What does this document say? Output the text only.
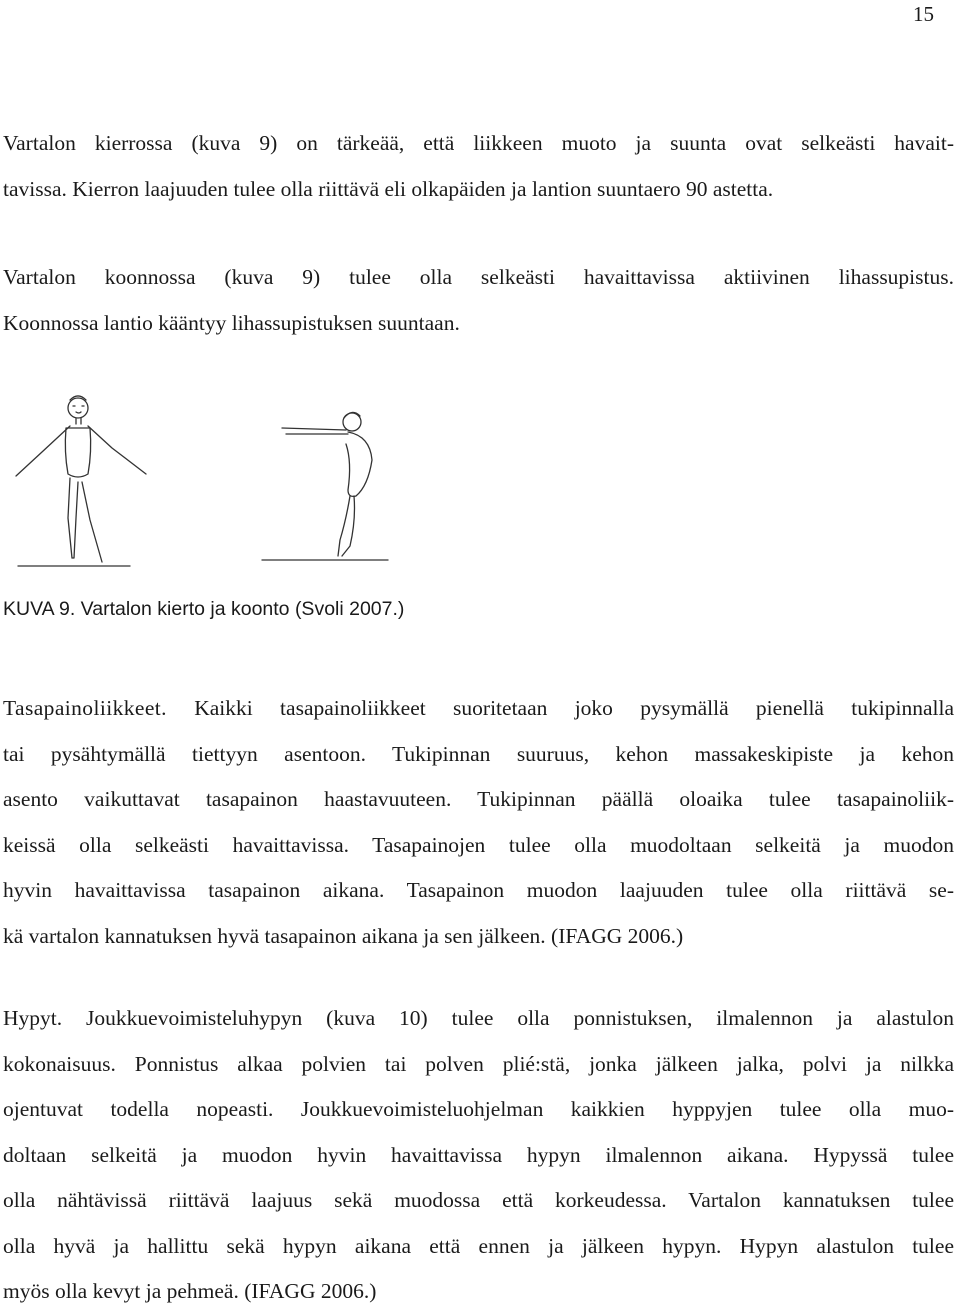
15

Vartalon kierrossa (kuva 9) on tärkeää, että liikkeen muoto ja suunta ovat selkeästi havait-
tavissa. Kierron laajuuden tulee olla riittävä eli olkapäiden ja lantion suuntaero 90 astetta.

Vartalon koonnossa (kuva 9) tulee olla selkeästi havaittavissa aktiivinen lihassupistus.
Koonnossa lantio kääntyy lihassupistuksen suuntaan.

KUVA 9. Vartalon kierto ja koonto (Svoli 2007.)

Tasapainoliikkeet. Kaikki tasapainoliikkeet suoritetaan joko pysymällä pienellä tukipinnalla
tai pysähtymällä tiettyyn asentoon. Tukipinnan suuruus, kehon massakeskipiste ja kehon
asento vaikuttavat tasapainon haastavuuteen. Tukipinnan päällä oloaika tulee tasapainoliik-
keissä olla selkeästi havaittavissa. Tasapainojen tulee olla muodoltaan selkeitä ja muodon
hyvin havaittavissa tasapainon aikana. Tasapainon muodon laajuuden tulee olla riittävä se-
kä vartalon kannatuksen hyvä tasapainon aikana ja sen jälkeen. (IFAGG 2006.)

Hypyt. Joukkuevoimisteluhypyn (kuva 10) tulee olla ponnistuksen, ilmalennon ja alastulon
kokonaisuus. Ponnistus alkaa polvien tai polven plié:stä, jonka jälkeen jalka, polvi ja nilkka
ojentuvat todella nopeasti. Joukkuevoimisteluohjelman kaikkien hyppyjen tulee olla muo-
doltaan selkeitä ja muodon hyvin havaittavissa hypyn ilmalennon aikana. Hypyssä tulee
olla nähtävissä riittävä laajuus sekä muodossa että korkeudessa. Vartalon kannatuksen tulee
olla hyvä ja hallittu sekä hypyn aikana että ennen ja jälkeen hypyn. Hypyn alastulon tulee
myös olla kevyt ja pehmeä. (IFAGG 2006.)
